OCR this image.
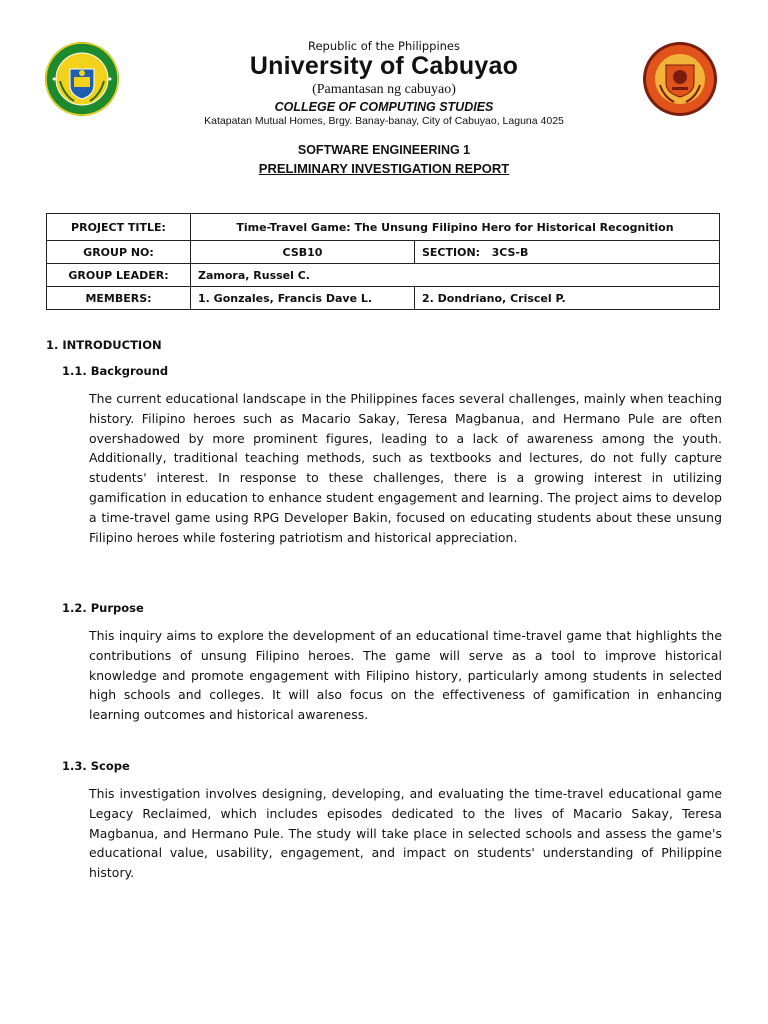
Republic of the Philippines
University of Cabuyao
(Pamantasan ng cabuyao)
COLLEGE OF COMPUTING STUDIES
Katapatan Mutual Homes, Brgy. Banay-banay, City of Cabuyao, Laguna 4025
SOFTWARE ENGINEERING 1
PRELIMINARY INVESTIGATION REPORT
PROJECT TITLE:	Time-Travel Game: The Unsung Filipino Hero for Historical Recognition	
GROUP NO:	CSB10	SECTION: 3CS-B
GROUP LEADER:	Zamora, Russel C.	
MEMBERS:	1. Gonzales, Francis Dave L.	2. Dondriano, Criscel P.
1. INTRODUCTION
1.1. Background
The current educational landscape in the Philippines faces several challenges, mainly when teaching history. Filipino heroes such as Macario Sakay, Teresa Magbanua, and Hermano Pule are often overshadowed by more prominent figures, leading to a lack of awareness among the youth. Additionally, traditional teaching methods, such as textbooks and lectures, do not fully capture students' interest. In response to these challenges, there is a growing interest in utilizing gamification in education to enhance student engagement and learning. The project aims to develop a time-travel game using RPG Developer Bakin, focused on educating students about these unsung Filipino heroes while fostering patriotism and historical appreciation.
1.2. Purpose
This inquiry aims to explore the development of an educational time-travel game that highlights the contributions of unsung Filipino heroes. The game will serve as a tool to improve historical knowledge and promote engagement with Filipino history, particularly among students in selected high schools and colleges. It will also focus on the effectiveness of gamification in enhancing learning outcomes and historical awareness.
1.3. Scope
This investigation involves designing, developing, and evaluating the time-travel educational game Legacy Reclaimed, which includes episodes dedicated to the lives of Macario Sakay, Teresa Magbanua, and Hermano Pule. The study will take place in selected schools and assess the game's educational value, usability, engagement, and impact on students' understanding of Philippine history.
